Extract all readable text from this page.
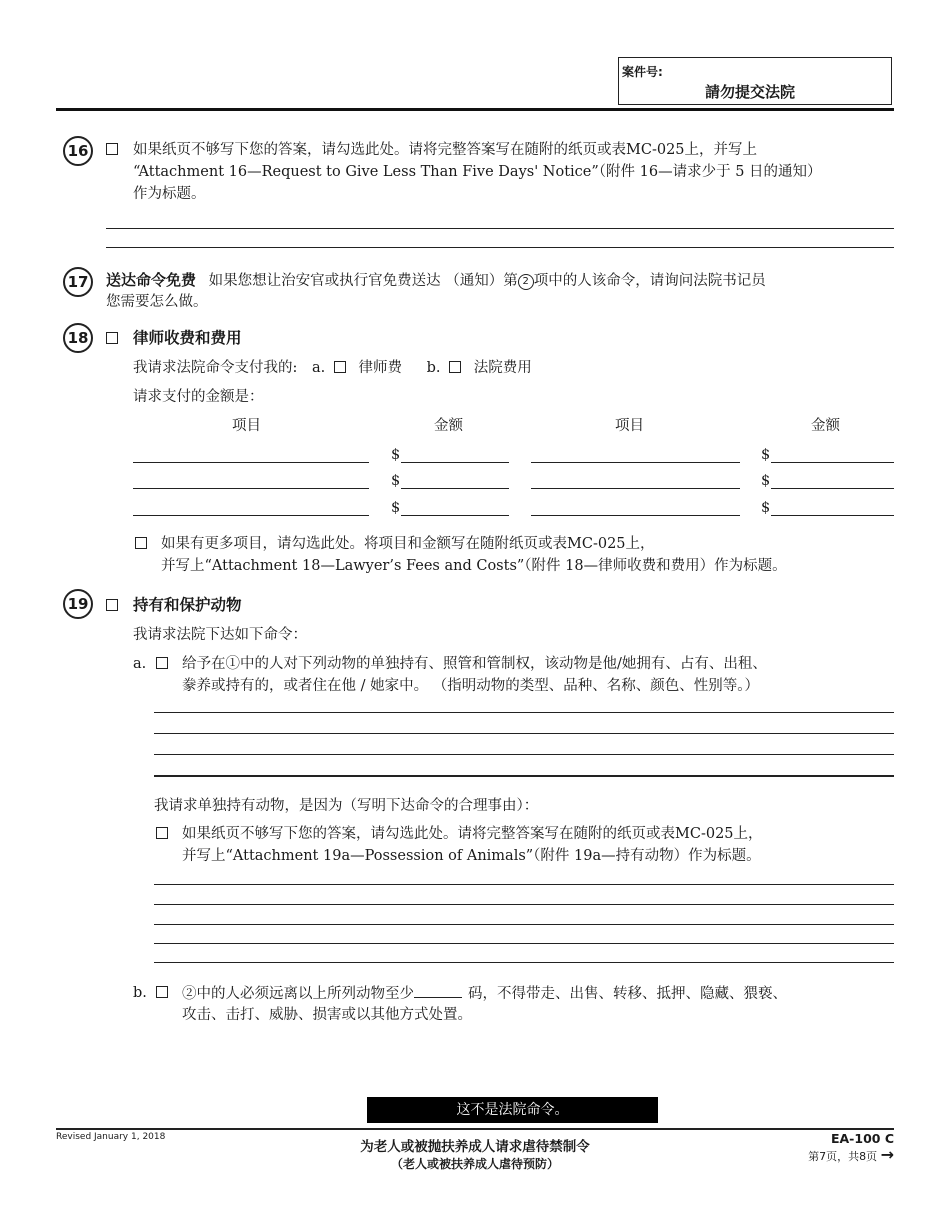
案件号:
請勿提交法院
16	如果纸页不够写下您的答案，请勾选此处。请将完整答案写在随附的纸页或表MC-025上，并写上
“Attachment 16—Request to Give Less Than Five Days' Notice”（附件 16—请求少于 5 日的通知）
作为标题。
17	送达命令免费 如果您想让治安官或执行官免费送达 （通知）第 2 项中的人该命令，请询问法院书记员
您需要怎么做。
18	律师收费和费用
我请求法院命令支付我的: a. 律师费 b. 法院费用
请求支付的金额是：
项目	金额	项目	金额
$	$
$	$
$	$
如果有更多项目，请勾选此处。将项目和金额写在随附纸页或表MC-025上，
并写上“Attachment 18—Lawyer’s Fees and Costs”（附件 18—律师收费和费用）作为标题。
19	持有和保护动物
我请求法院下达如下命令：
a. 给予在①中的人对下列动物的单独持有、照管和管制权，该动物是他/她拥有、占有、出租、
豢养或持有的，或者住在他 / 她家中。 （指明动物的类型、品种、名称、颜色、性别等。）
我请求单独持有动物，是因为（写明下达命令的合理事由）：
如果纸页不够写下您的答案，请勾选此处。请将完整答案写在随附的纸页或表MC-025上，
并写上“Attachment 19a—Possession of Animals”（附件 19a—持有动物）作为标题。
b. ②中的人必须远离以上所列动物至少	码，不得带走、出售、转移、抵押、隐藏、猥亵、
攻击、击打、威胁、损害或以其他方式处置。
这不是法院命令。
Revised January 1, 2018
为老人或被抛扶养成人请求虐待禁制令
（老人或被扶养成人虐待预防）
EA-100 C
第7页，共8页 →
